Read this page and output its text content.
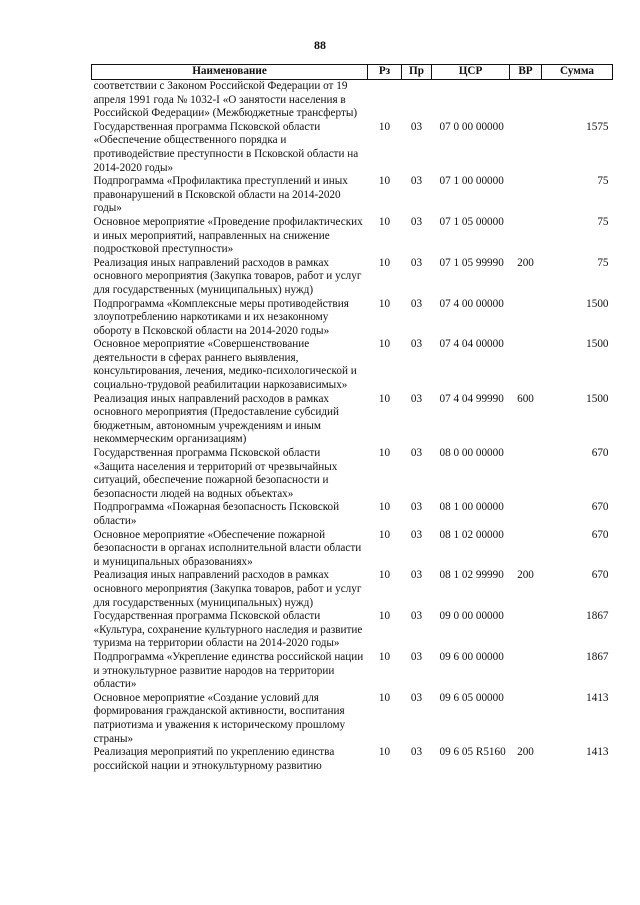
88
Наименование	Рз	Пр	ЦСР	ВР	Сумма
соответствии с Законом Российской Федерации от 19 апреля 1991 года № 1032-I «О занятости населения в Российской Федерации» (Межбюджетные трансферты)					
Государственная программа Псковской области «Обеспечение общественного порядка и противодействие преступности в Псковской области на 2014-2020 годы»	10	03	07 0 00 00000		1575
Подпрограмма «Профилактика преступлений и иных правонарушений в Псковской области на 2014-2020 годы»	10	03	07 1 00 00000		75
Основное мероприятие «Проведение профилактических и иных мероприятий, направленных на снижение подростковой преступности»	10	03	07 1 05 00000		75
Реализация иных направлений расходов в рамках основного мероприятия (Закупка товаров, работ и услуг для государственных (муниципальных) нужд)	10	03	07 1 05 99990	200	75
Подпрограмма «Комплексные меры противодействия злоупотреблению наркотиками и их незаконному обороту в Псковской области на 2014-2020 годы»	10	03	07 4 00 00000		1500
Основное мероприятие «Совершенствование деятельности в сферах раннего выявления, консультирования, лечения, медико-психологической и социально-трудовой реабилитации наркозависимых»	10	03	07 4 04 00000		1500
Реализация иных направлений расходов в рамках основного мероприятия (Предоставление субсидий бюджетным, автономным учреждениям и иным некоммерческим организациям)	10	03	07 4 04 99990	600	1500
Государственная программа Псковской области «Защита населения и территорий от чрезвычайных ситуаций, обеспечение пожарной безопасности и безопасности людей на водных объектах»	10	03	08 0 00 00000		670
Подпрограмма «Пожарная безопасность Псковской области»	10	03	08 1 00 00000		670
Основное мероприятие «Обеспечение пожарной безопасности в органах исполнительной власти области и муниципальных образованиях»	10	03	08 1 02 00000		670
Реализация иных направлений расходов в рамках основного мероприятия (Закупка товаров, работ и услуг для государственных (муниципальных) нужд)	10	03	08 1 02 99990	200	670
Государственная программа Псковской области «Культура, сохранение культурного наследия и развитие туризма на территории области на 2014-2020 годы»	10	03	09 0 00 00000		1867
Подпрограмма «Укрепление единства российской нации и этнокультурное развитие народов на территории области»	10	03	09 6 00 00000		1867
Основное мероприятие «Создание условий для формирования гражданской активности, воспитания патриотизма и уважения к историческому прошлому страны»	10	03	09 6 05 00000		1413
Реализация мероприятий по укреплению единства российской нации и этнокультурному развитию	10	03	09 6 05 R5160	200	1413
